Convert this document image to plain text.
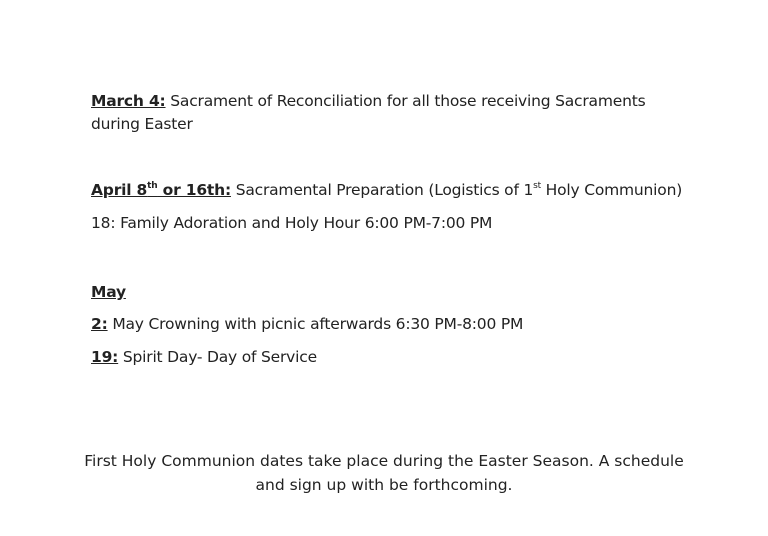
March 4: Sacrament of Reconciliation for all those receiving Sacraments during Easter
April 8th or 16th: Sacramental Preparation (Logistics of 1st Holy Communion)
18: Family Adoration and Holy Hour 6:00 PM-7:00 PM
May
2: May Crowning with picnic afterwards 6:30 PM-8:00 PM
19: Spirit Day- Day of Service
First Holy Communion dates take place during the Easter Season. A schedule and sign up with be forthcoming.
